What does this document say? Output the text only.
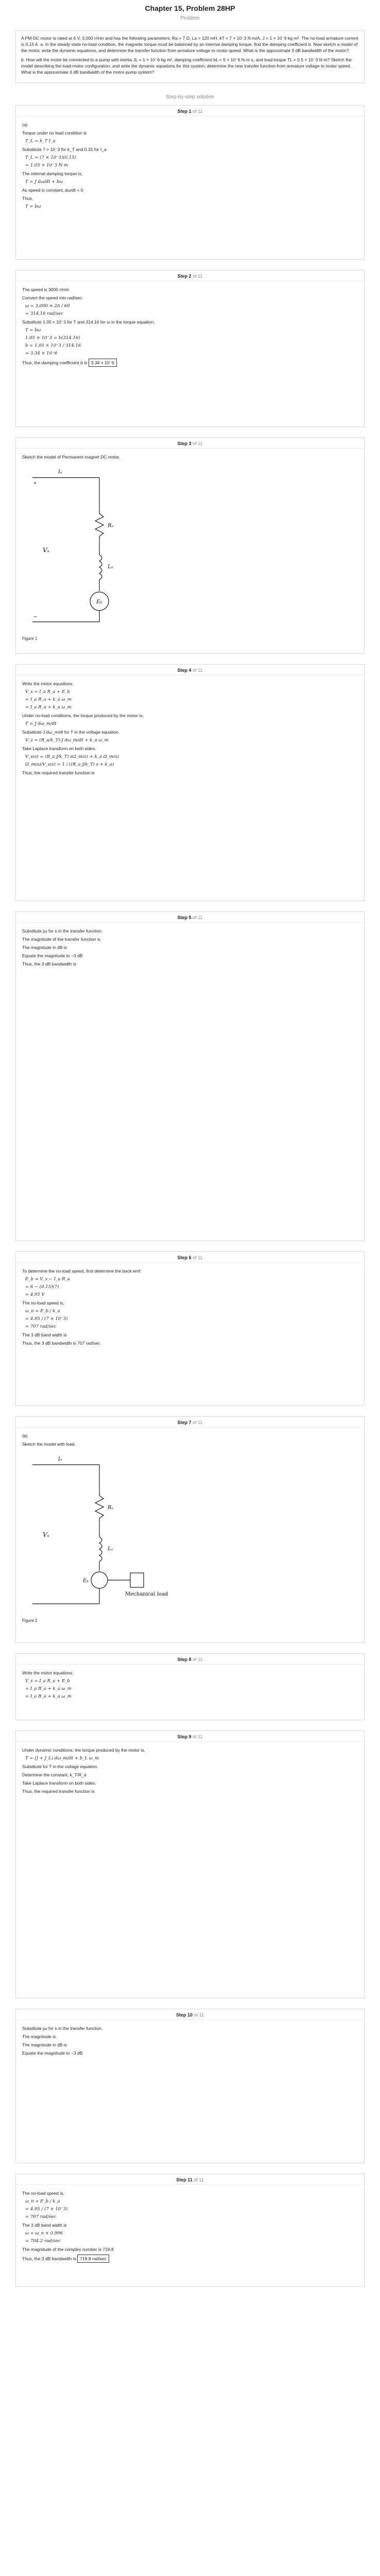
Chapter 15, Problem 28HP
Problem

A PM-DC motor is rated at 6 V, 3,000 r/min and has the following parameters: Ra = 7 Ω, La = 120 mH, kT = 7 × 10⁻3 N·m/A, J = 1 × 10⁻6 kg·m². The no-load armature current is 0.15 A. a. In the steady state no-load condition, the magnetic torque must be balanced by an internal damping torque; find the damping coefficient b. Now sketch a model of the motor, write the dynamic equations, and determine the transfer function from armature voltage to motor speed. What is the approximate 3 dB bandwidth of the motor?

b. How will the motor be connected to a pump with inertia JL = 1 × 10⁻6 kg·m², damping coefficient bL = 5 × 10⁻6 N·m·s, and load torque TL = 0.5 × 10⁻3 N·m? Sketch the model describing the load-motor configuration, and write the dynamic equations for this system; determine the new transfer function from armature voltage to motor speed. What is the approximate 3 dB bandwidth of the motor-pump system?

Step-by-step solution
Step 1 of 11

(a)

Torque under no load condition is

T_L = k_T I_a

Substitute 7 × 10⁻3 for k_T and 0.15 for I_a

T_L = (7 × 10⁻3)(0.15)
= 1.05 × 10⁻3 N·m

The internal damping torque is,

T = J dω/dt + bω

As speed is constant, dω/dt = 0.

Thus,

T = bω
Step 2 of 11

The speed is 3000 r/min

Convert the speed into rad/sec:

ω = 3,000 × 2π / 60
= 314.16 rad/sec

Substitute 1.05 × 10⁻3 for T and 314.16 for ω in the torque equation.

T = bω
1.05 × 10⁻3 = b(314.16)
b = 1.05 × 10⁻3 / 314.16
= 3.34 × 10⁻6

Thus, the damping coefficient b is 3.34 × 10⁻6

Step 3 of 11

Sketch the model of Permanent magnet DC motor.

Iₐ
Rₐ
Lₐ
Eᵦ
Vₛ
+
−
Figure 1
Step 4 of 11

Write the motor equations.

V_s = I_a R_a + E_b
= I_a R_a + k_a ω_m
= I_a R_a + k_a ω_m

Under no-load conditions, the torque produced by the motor is,

T = J dω_m/dt

Substitute J dω_m/dt for T in the voltage equation.

V_s = (R_a/k_T)·J dω_m/dt + k_a ω_m

Take Laplace transform on both sides.

V_s(s) = (R_a J/k_T) sΩ_m(s) + k_a Ω_m(s)
Ω_m(s)/V_s(s) = 1 / ((R_a J/k_T) s + k_a)

Thus, the required transfer function is

Step 5 of 11

Substitute jω for s in the transfer function.

The magnitude of the transfer function is

The magnitude in dB is

Equate the magnitude to −3 dB

Thus, the 3 dB bandwidth is

Step 6 of 11

To determine the no-load speed, first determine the back emf:

E_b = V_s − I_a R_a
= 6 − (0.15)(7)
= 4.95 V

The no-load speed is,

ω_n = E_b / k_a
= 4.95 / (7 × 10⁻3)
= 707 rad/sec

The 3 dB band width is

Thus, the 3 dB bandwidth is 707 rad/sec

Step 7 of 11

(b)

Sketch the model with load.

Iₐ
Rₐ
Lₐ
Eᵦ
Vₛ
Mechanical load
Figure 2
Step 8 of 11

Write the motor equations.

V_s = I_a R_a + E_b
= I_a R_a + k_a ω_m
= I_a R_a + k_a ω_m
Step 9 of 11

Under dynamic conditions, the torque produced by the motor is,

T = (J + J_L) dω_m/dt + b_L ω_m

Substitute for T in the voltage equation.

Determine the constant, k_T/R_a

Take Laplace transform on both sides.

Thus, the required transfer function is

Step 10 of 11

Substitute jω for s in the transfer function.

The magnitude is

The magnitude in dB is

Equate the magnitude to −3 dB

Step 11 of 11

The no-load speed is,

ω_n = E_b / k_a
= 4.95 / (7 × 10⁻3)
= 707 rad/sec

The 3 dB band width is

ω = ω_n × 0.996
= 704.2 rad/sec

The magnitude of the complex number is 719.8

Thus, the 3 dB bandwidth is 719.8 rad/sec
